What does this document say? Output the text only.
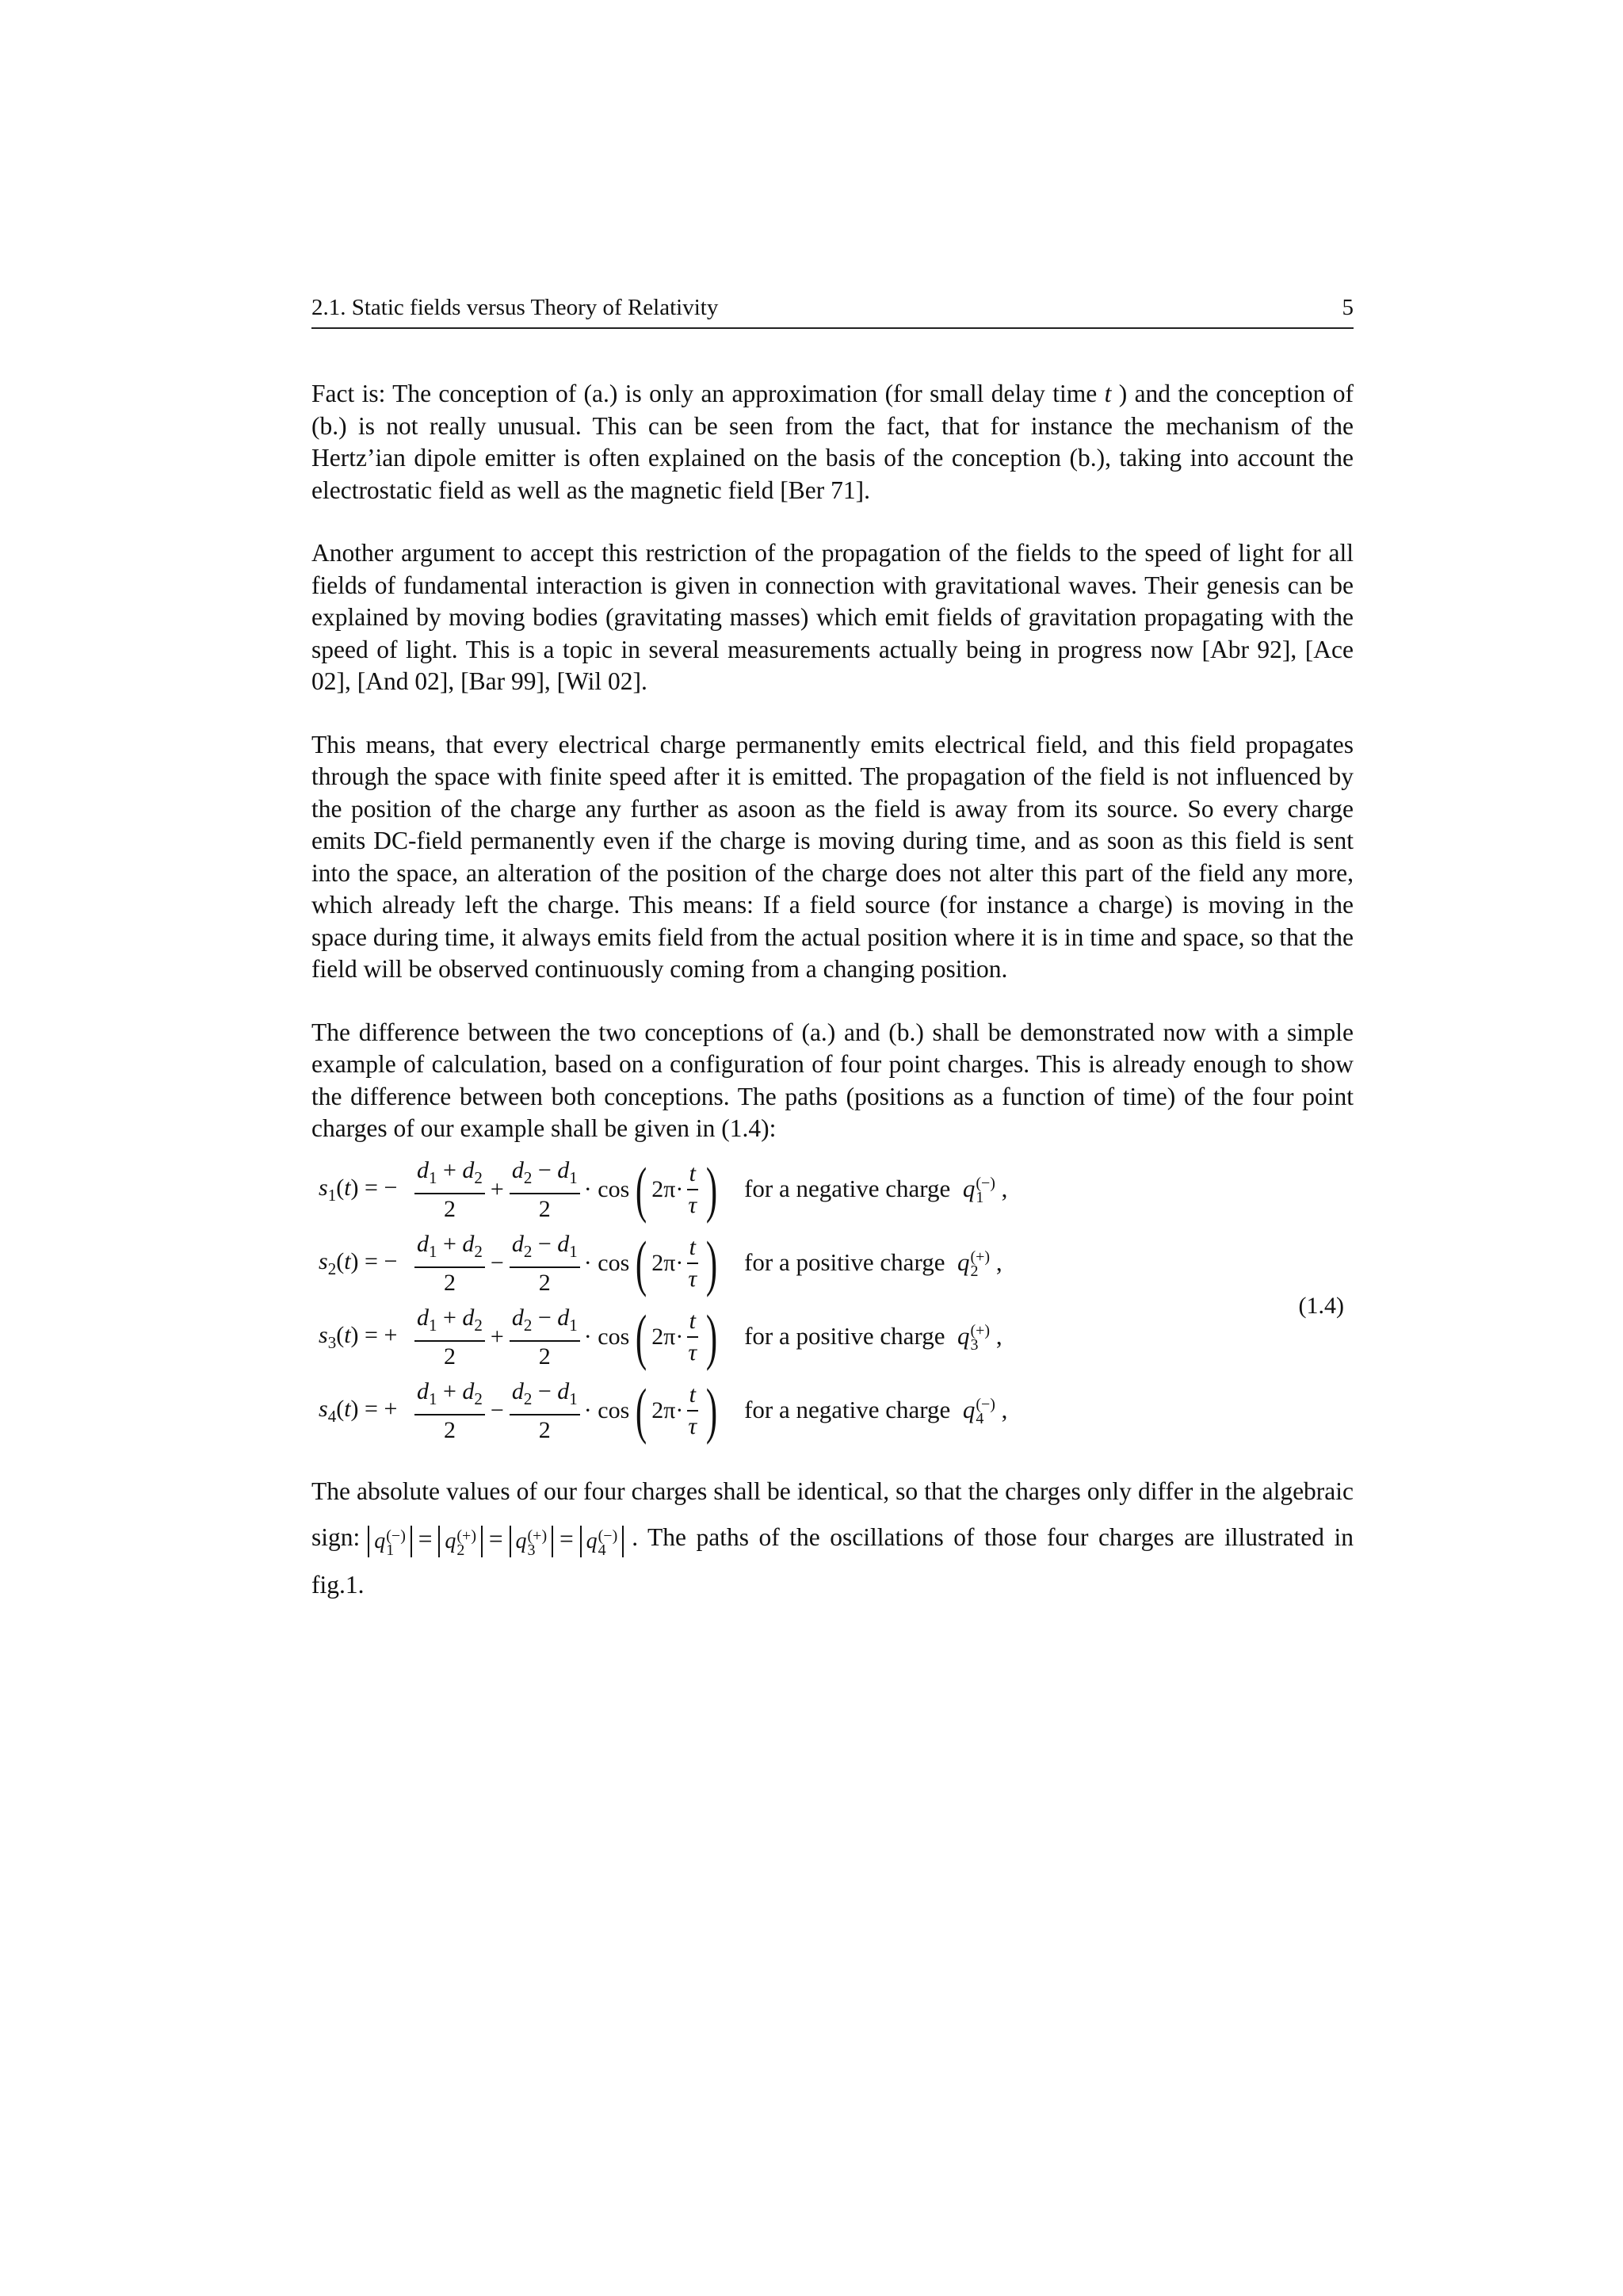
2.1. Static fields versus Theory of Relativity	5

Fact is: The conception of (a.) is only an approximation (for small delay time t ) and the conception of (b.) is not really unusual. This can be seen from the fact, that for instance the mechanism of the Hertz’ian dipole emitter is often explained on the basis of the conception (b.), taking into account the electrostatic field as well as the magnetic field [Ber 71].

Another argument to accept this restriction of the propagation of the fields to the speed of light for all fields of fundamental interaction is given in connection with gravitational waves. Their genesis can be explained by moving bodies (gravitating masses) which emit fields of gravitation propagating with the speed of light. This is a topic in several measurements actually being in progress now [Abr 92], [Ace 02], [And 02], [Bar 99], [Wil 02].

This means, that every electrical charge permanently emits electrical field, and this field propagates through the space with finite speed after it is emitted. The propagation of the field is not influenced by the position of the charge any further as asoon as the field is away from its source. So every charge emits DC-field permanently even if the charge is moving during time, and as soon as this field is sent into the space, an alteration of the position of the charge does not alter this part of the field any more, which already left the charge. This means: If a field source (for instance a charge) is moving in the space during time, it always emits field from the actual position where it is in time and space, so that the field will be observed continuously coming from a changing position.

The difference between the two conceptions of (a.) and (b.) shall be demonstrated now with a simple example of calculation, based on a configuration of four point charges. This is already enough to show the difference between both conceptions. The paths (positions as a function of time) of the four point charges of our example shall be given in (1.4):

$s_1(t)$ = − $\frac{d_1 + d_2}{2} + \frac{d_2 - d_1}{2} \cdot \cos$ ( $2\pi\cdot \frac{t}{\tau}$ ) for a negative charge q (−)
1 ,
$s_2(t)$ = − $\frac{d_1 + d_2}{2} - \frac{d_2 - d_1}{2} \cdot \cos$ ( $2\pi\cdot \frac{t}{\tau}$ ) for a positive charge q (+)
2 ,
$s_3(t)$ = + $\frac{d_1 + d_2}{2} + \frac{d_2 - d_1}{2} \cdot \cos$ ( $2\pi\cdot \frac{t}{\tau}$ ) for a positive charge q (+)
3 ,
$s_4(t)$ = + $\frac{d_1 + d_2}{2} - \frac{d_2 - d_1}{2} \cdot \cos$ ( $2\pi\cdot \frac{t}{\tau}$ ) for a negative charge q (−)
4 ,
(1.4)

The absolute values of our four charges shall be identical, so that the charges only differ in the algebraic sign: q (−)
1 = q (+)
2 = q (+)
3 = q (−)
4	. The paths of the oscillations of those four charges are illustrated in fig.1.
